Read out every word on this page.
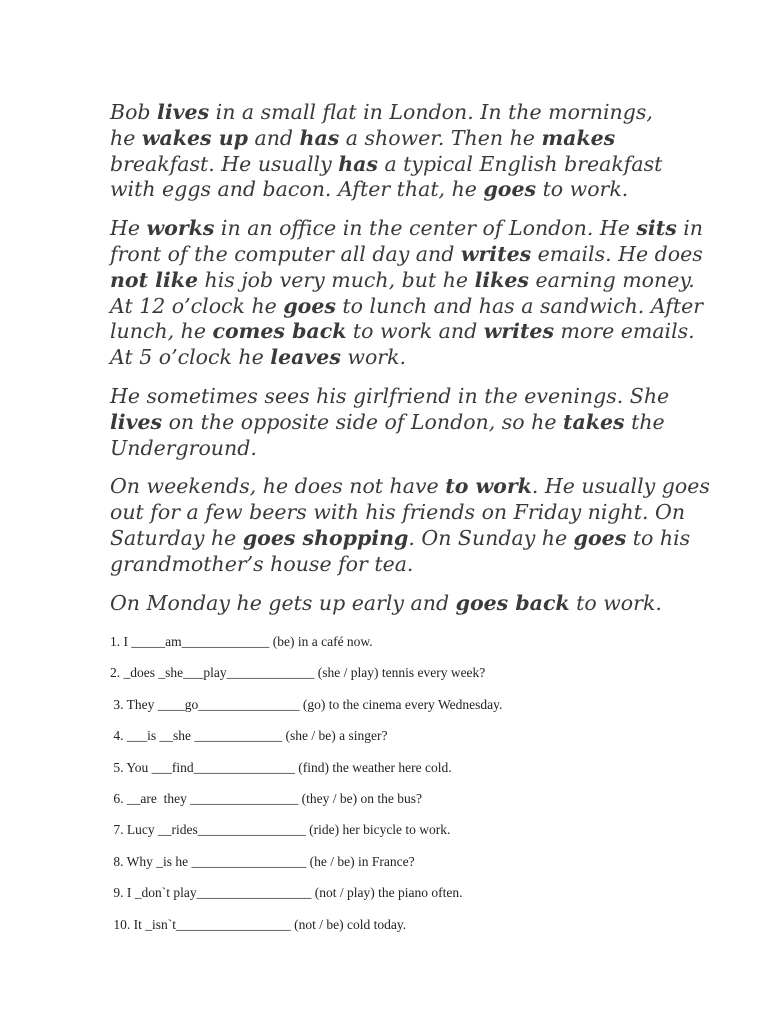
Bob lives in a small flat in London. In the mornings,
he wakes up and has a shower. Then he makes
breakfast. He usually has a typical English breakfast
with eggs and bacon. After that, he goes to work.

He works in an office in the center of London. He sits in
front of the computer all day and writes emails. He does
not like his job very much, but he likes earning money.
At 12 o’clock he goes to lunch and has a sandwich. After
lunch, he comes back to work and writes more emails.
At 5 o’clock he leaves work.

He sometimes sees his girlfriend in the evenings. She
lives on the opposite side of London, so he takes the
Underground.

On weekends, he does not have to work. He usually goes
out for a few beers with his friends on Friday night. On
Saturday he goes shopping. On Sunday he goes to his
grandmother’s house for tea.

On Monday he gets up early and goes back to work.

1. I _____am_____________ (be) in a café now.
2. _does _she___play_____________ (she / play) tennis every week?
3. They ____go_______________ (go) to the cinema every Wednesday.
4. ___is __she _____________ (she / be) a singer?
5. You ___find_______________ (find) the weather here cold.
6. __are  they ________________ (they / be) on the bus?
7. Lucy __rides________________ (ride) her bicycle to work.
8. Why _is he _________________ (he / be) in France?
9. I _don`t play_________________ (not / play) the piano often.
10. It _isn`t_________________ (not / be) cold today.
